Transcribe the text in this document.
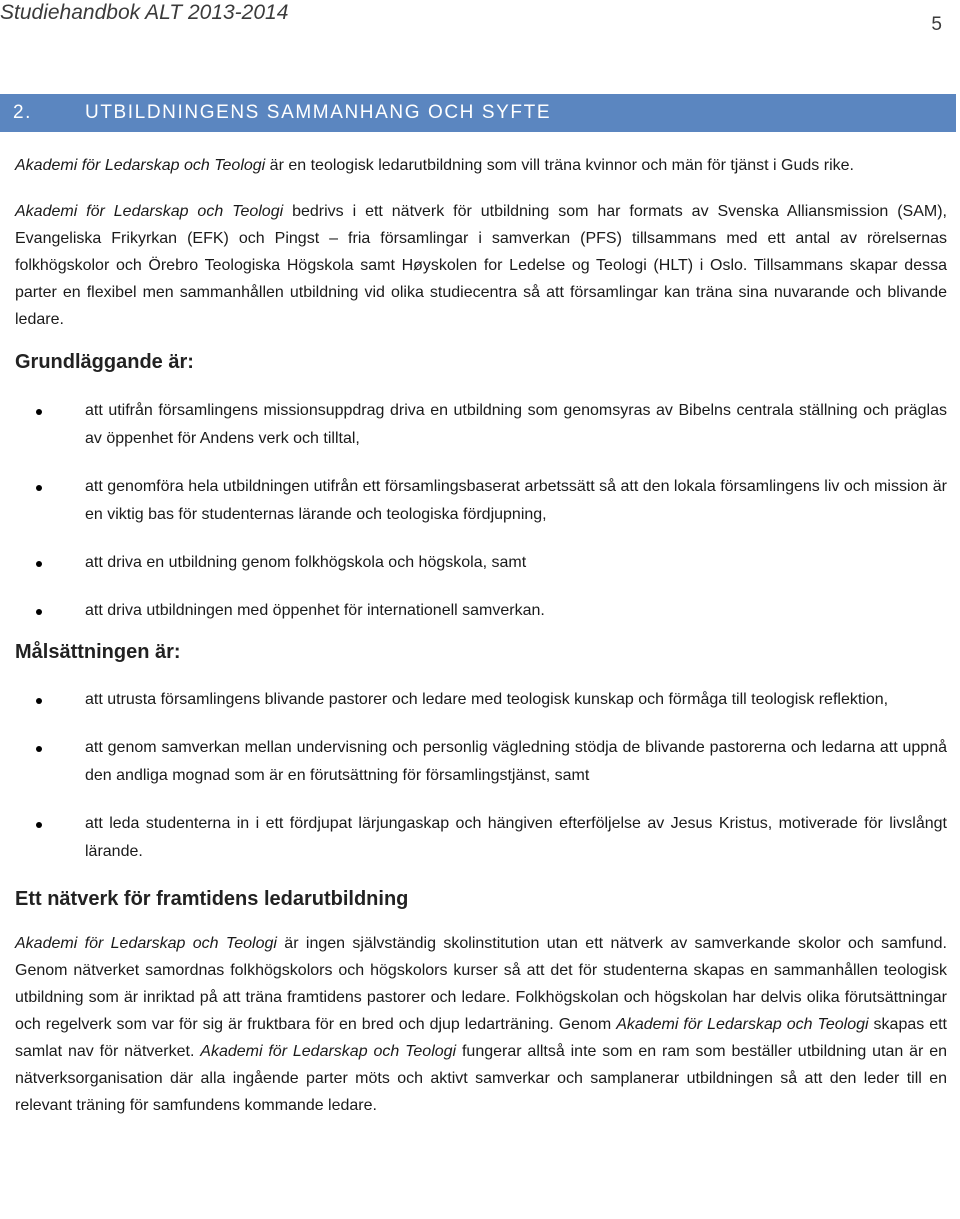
Studiehandbok ALT 2013-2014
5
2.	UTBILDNINGENS SAMMANHANG OCH SYFTE

Akademi för Ledarskap och Teologi är en teologisk ledarutbildning som vill träna kvinnor och män för tjänst i Guds rike.

Akademi för Ledarskap och Teologi bedrivs i ett nätverk för utbildning som har formats av Svenska Alliansmission (SAM), Evangeliska Frikyrkan (EFK) och Pingst – fria församlingar i samverkan (PFS) tillsammans med ett antal av rörelsernas folkhögskolor och Örebro Teologiska Högskola samt Høyskolen for Ledelse og Teologi (HLT) i Oslo. Tillsammans skapar dessa parter en flexibel men sammanhållen utbildning vid olika studiecentra så att församlingar kan träna sina nuvarande och blivande ledare.

Grundläggande är:
att utifrån församlingens missionsuppdrag driva en utbildning som genomsyras av Bibelns centrala ställning och präglas av öppenhet för Andens verk och tilltal,
att genomföra hela utbildningen utifrån ett församlingsbaserat arbetssätt så att den lokala församlingens liv och mission är en viktig bas för studenternas lärande och teologiska fördjupning,
att driva en utbildning genom folkhögskola och högskola, samt
att driva utbildningen med öppenhet för internationell samverkan.
Målsättningen är:
att utrusta församlingens blivande pastorer och ledare med teologisk kunskap och förmåga till teologisk reflektion,
att genom samverkan mellan undervisning och personlig vägledning stödja de blivande pastorerna och ledarna att uppnå den andliga mognad som är en förutsättning för församlingstjänst, samt
att leda studenterna in i ett fördjupat lärjungaskap och hängiven efterföljelse av Jesus Kristus, motiverade för livslångt lärande.
Ett nätverk för framtidens ledarutbildning

Akademi för Ledarskap och Teologi är ingen självständig skolinstitution utan ett nätverk av samverkande skolor och samfund. Genom nätverket samordnas folkhögskolors och högskolors kurser så att det för studenterna skapas en sammanhållen teologisk utbildning som är inriktad på att träna framtidens pastorer och ledare. Folkhögskolan och högskolan har delvis olika förutsättningar och regelverk som var för sig är fruktbara för en bred och djup ledarträning. Genom Akademi för Ledarskap och Teologi skapas ett samlat nav för nätverket. Akademi för Ledarskap och Teologi fungerar alltså inte som en ram som beställer utbildning utan är en nätverksorganisation där alla ingående parter möts och aktivt samverkar och samplanerar utbildningen så att den leder till en relevant träning för samfundens kommande ledare.
